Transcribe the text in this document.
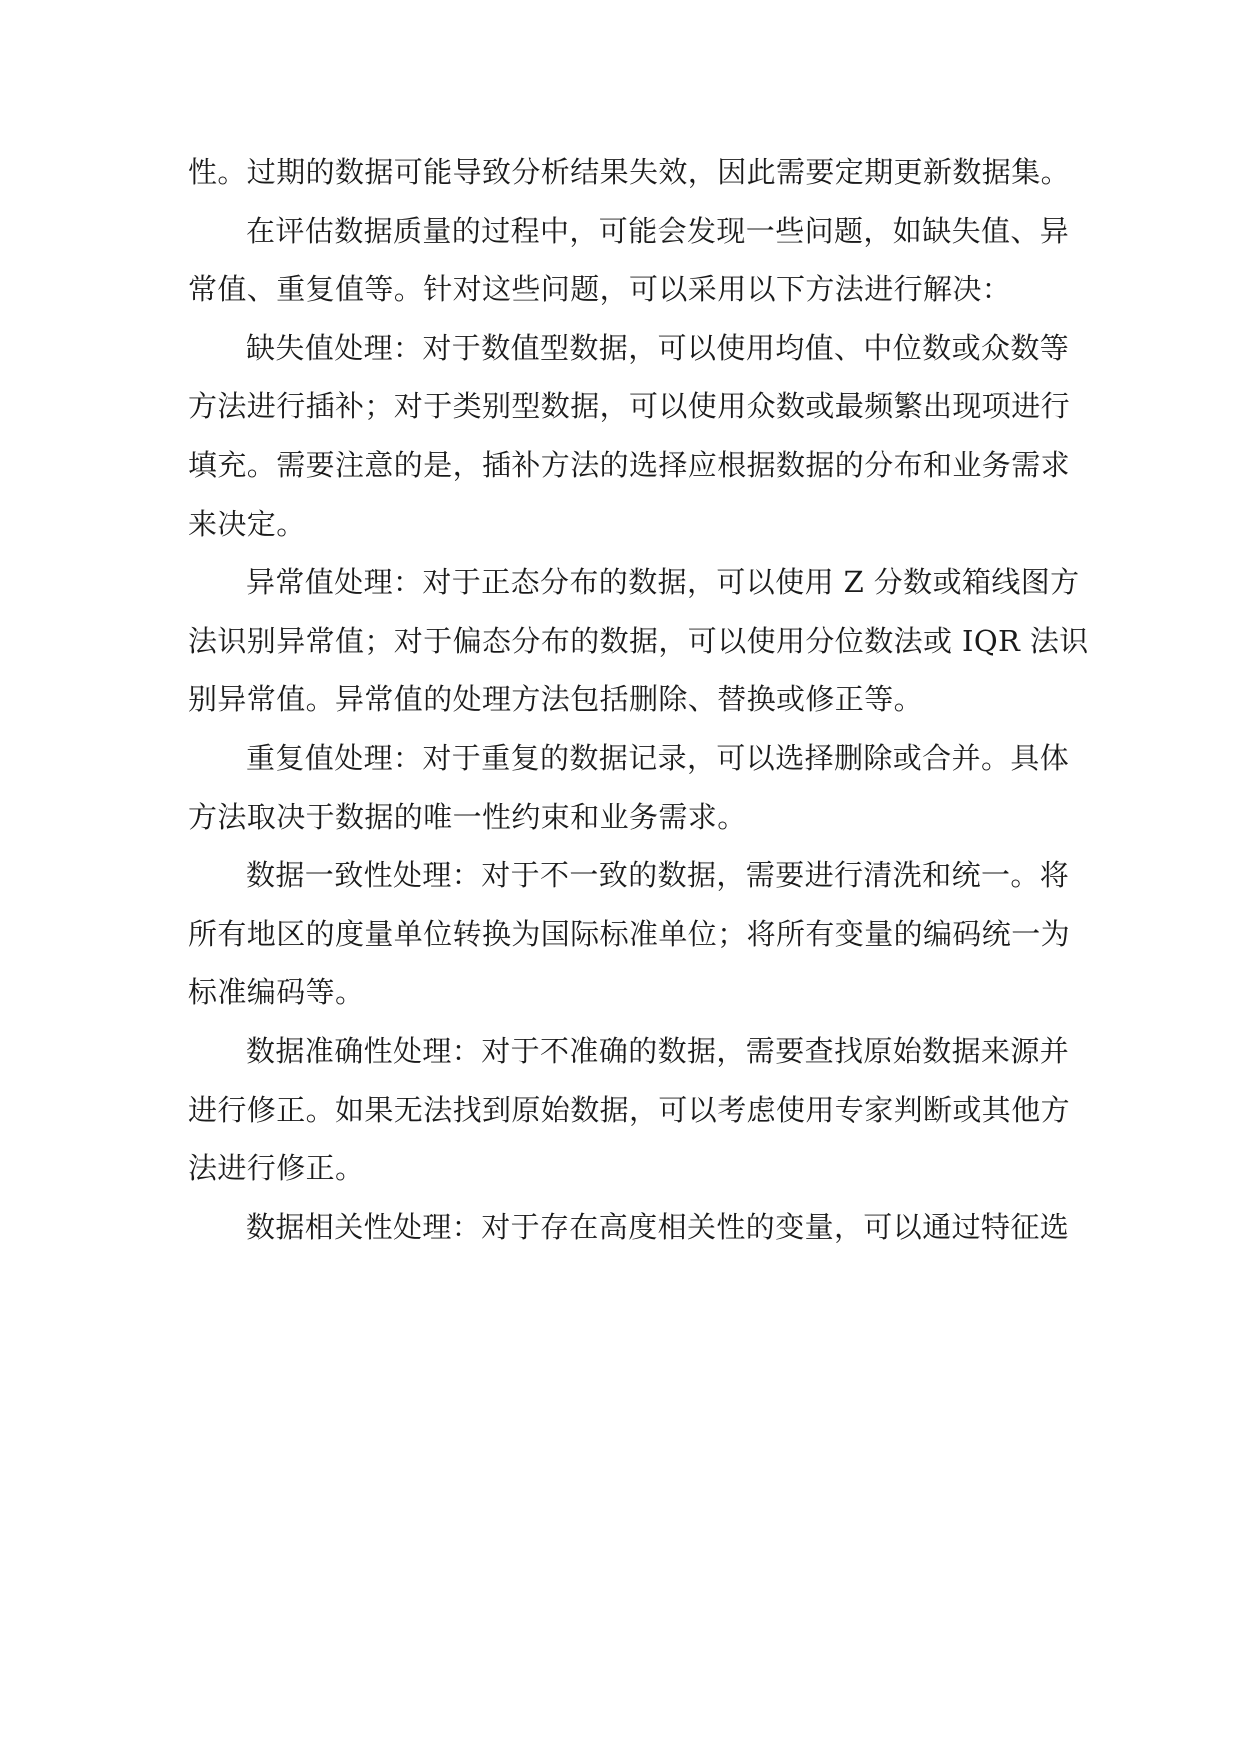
性。过期的数据可能导致分析结果失效，因此需要定期更新数据集。
在评估数据质量的过程中，可能会发现一些问题，如缺失值、异
常值、重复值等。针对这些问题，可以采用以下方法进行解决：
缺失值处理：对于数值型数据，可以使用均值、中位数或众数等
方法进行插补；对于类别型数据，可以使用众数或最频繁出现项进行
填充。需要注意的是，插补方法的选择应根据数据的分布和业务需求
来决定。
异常值处理：对于正态分布的数据，可以使用 Z 分数或箱线图方
法识别异常值；对于偏态分布的数据，可以使用分位数法或 IQR 法识
别异常值。异常值的处理方法包括删除、替换或修正等。
重复值处理：对于重复的数据记录，可以选择删除或合并。具体
方法取决于数据的唯一性约束和业务需求。
数据一致性处理：对于不一致的数据，需要进行清洗和统一。将
所有地区的度量单位转换为国际标准单位；将所有变量的编码统一为
标准编码等。
数据准确性处理：对于不准确的数据，需要查找原始数据来源并
进行修正。如果无法找到原始数据，可以考虑使用专家判断或其他方
法进行修正。
数据相关性处理：对于存在高度相关性的变量，可以通过特征选
